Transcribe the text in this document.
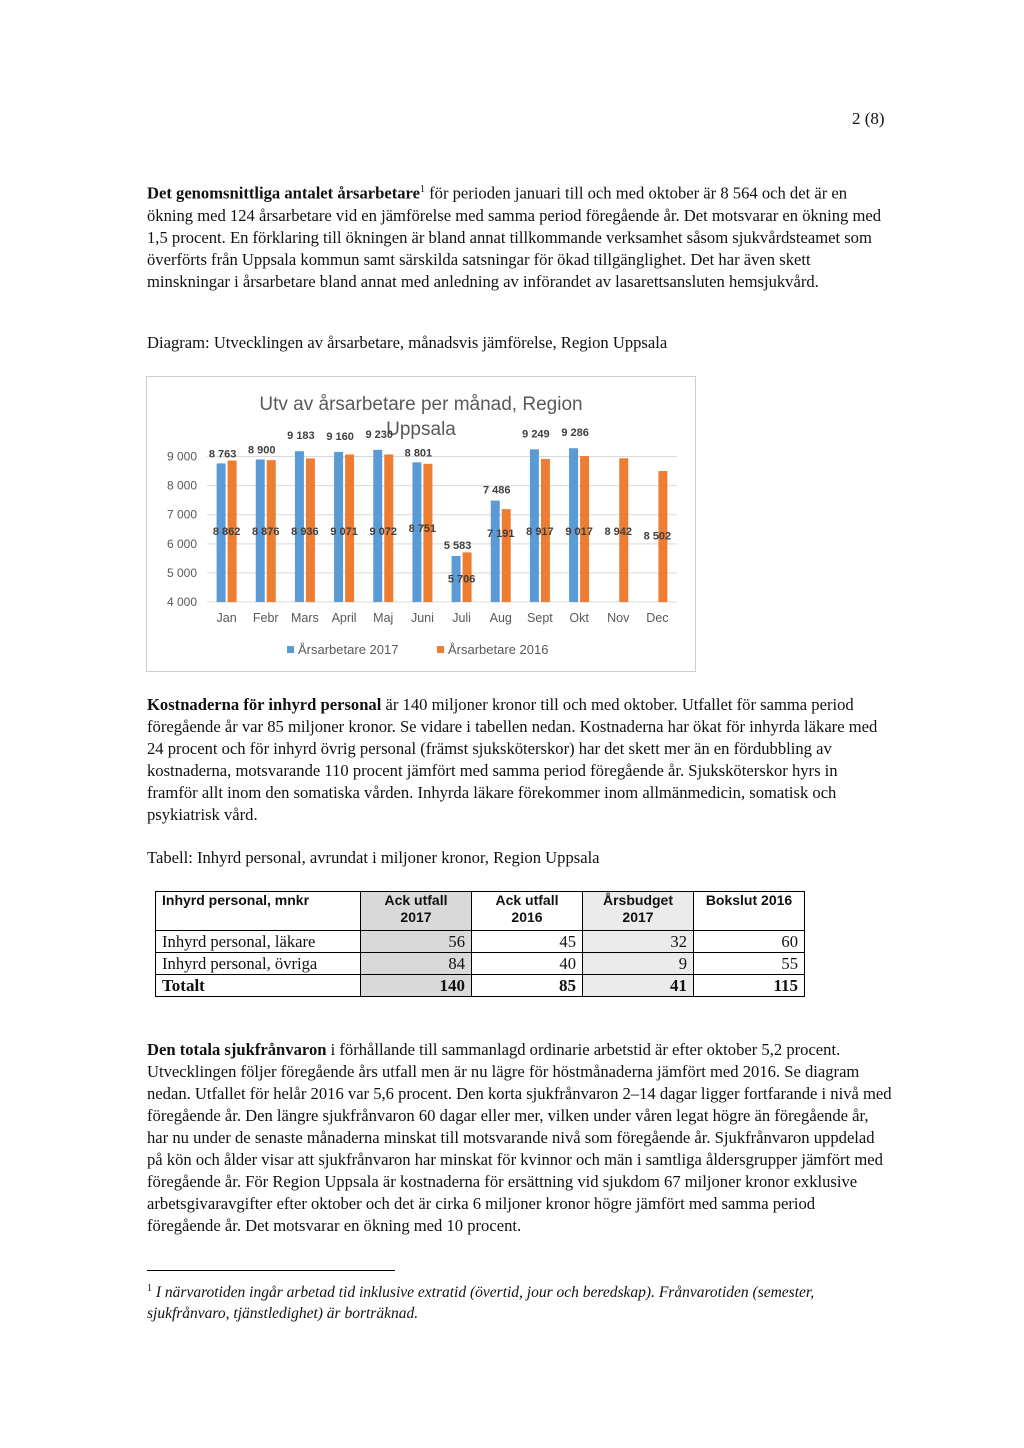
2 (8)

Det genomsnittliga antalet årsarbetare$^1$ för perioden januari till och med oktober är 8 564 och det är en ökning med 124 årsarbetare vid en jämförelse med samma period föregående år. Det motsvarar en ökning med 1,5 procent. En förklaring till ökningen är bland annat tillkommande verksamhet såsom sjukvårdsteamet som överförts från Uppsala kommun samt särskilda satsningar för ökad tillgänglighet. Det har även skett minskningar i årsarbetare bland annat med anledning av införandet av lasarettsansluten hemsjukvård.

Diagram: Utvecklingen av årsarbetare, månadsvis jämförelse, Region Uppsala
Utv av årsarbetare per månad, Region
Uppsala
4 000
5 000
6 000
7 000
8 000
9 000
Jan Febr Mars April Maj Juni Juli Aug Sept Okt Nov Dec
8 763 8 900
9 183 9 160 9 230
8 801
5 583
7 486
9 249 9 286
8 862 8 876 8 936 9 071 9 072 8 751
5 706
7 191 8 917 9 017 8 942 8 502
Årsarbetare 2017	Årsarbetare 2016

Kostnaderna för inhyrd personal är 140 miljoner kronor till och med oktober. Utfallet för samma period föregående år var 85 miljoner kronor. Se vidare i tabellen nedan. Kostnaderna har ökat för inhyrda läkare med 24 procent och för inhyrd övrig personal (främst sjuksköterskor) har det skett mer än en fördubbling av kostnaderna, motsvarande 110 procent jämfört med samma period föregående år. Sjuksköterskor hyrs in framför allt inom den somatiska vården. Inhyrda läkare förekommer inom allmänmedicin, somatisk och psykiatrisk vård.

Tabell: Inhyrd personal, avrundat i miljoner kronor, Region Uppsala
Inhyrd personal, mnkr	Ack utfall 2017	Ack utfall 2016	Årsbudget 2017	Bokslut 2016
Inhyrd personal, läkare	56	45	32	60
Inhyrd personal, övriga	84	40	9	55
Totalt	140	85	41	115

Den totala sjukfrånvaron i förhållande till sammanlagd ordinarie arbetstid är efter oktober 5,2 procent. Utvecklingen följer föregående års utfall men är nu lägre för höstmånaderna jämfört med 2016. Se diagram nedan. Utfallet för helår 2016 var 5,6 procent. Den korta sjukfrånvaron 2–14 dagar ligger fortfarande i nivå med föregående år. Den längre sjukfrånvaron 60 dagar eller mer, vilken under våren legat högre än föregående år, har nu under de senaste månaderna minskat till motsvarande nivå som föregående år. Sjukfrånvaron uppdelad på kön och ålder visar att sjukfrånvaron har minskat för kvinnor och män i samtliga åldersgrupper jämfört med föregående år. För Region Uppsala är kostnaderna för ersättning vid sjukdom 67 miljoner kronor exklusive arbetsgivaravgifter efter oktober och det är cirka 6 miljoner kronor högre jämfört med samma period föregående år. Det motsvarar en ökning med 10 procent.

$^1$ I närvarotiden ingår arbetad tid inklusive extratid (övertid, jour och beredskap). Frånvarotiden (semester, sjukfrånvaro, tjänstledighet) är borträknad.
